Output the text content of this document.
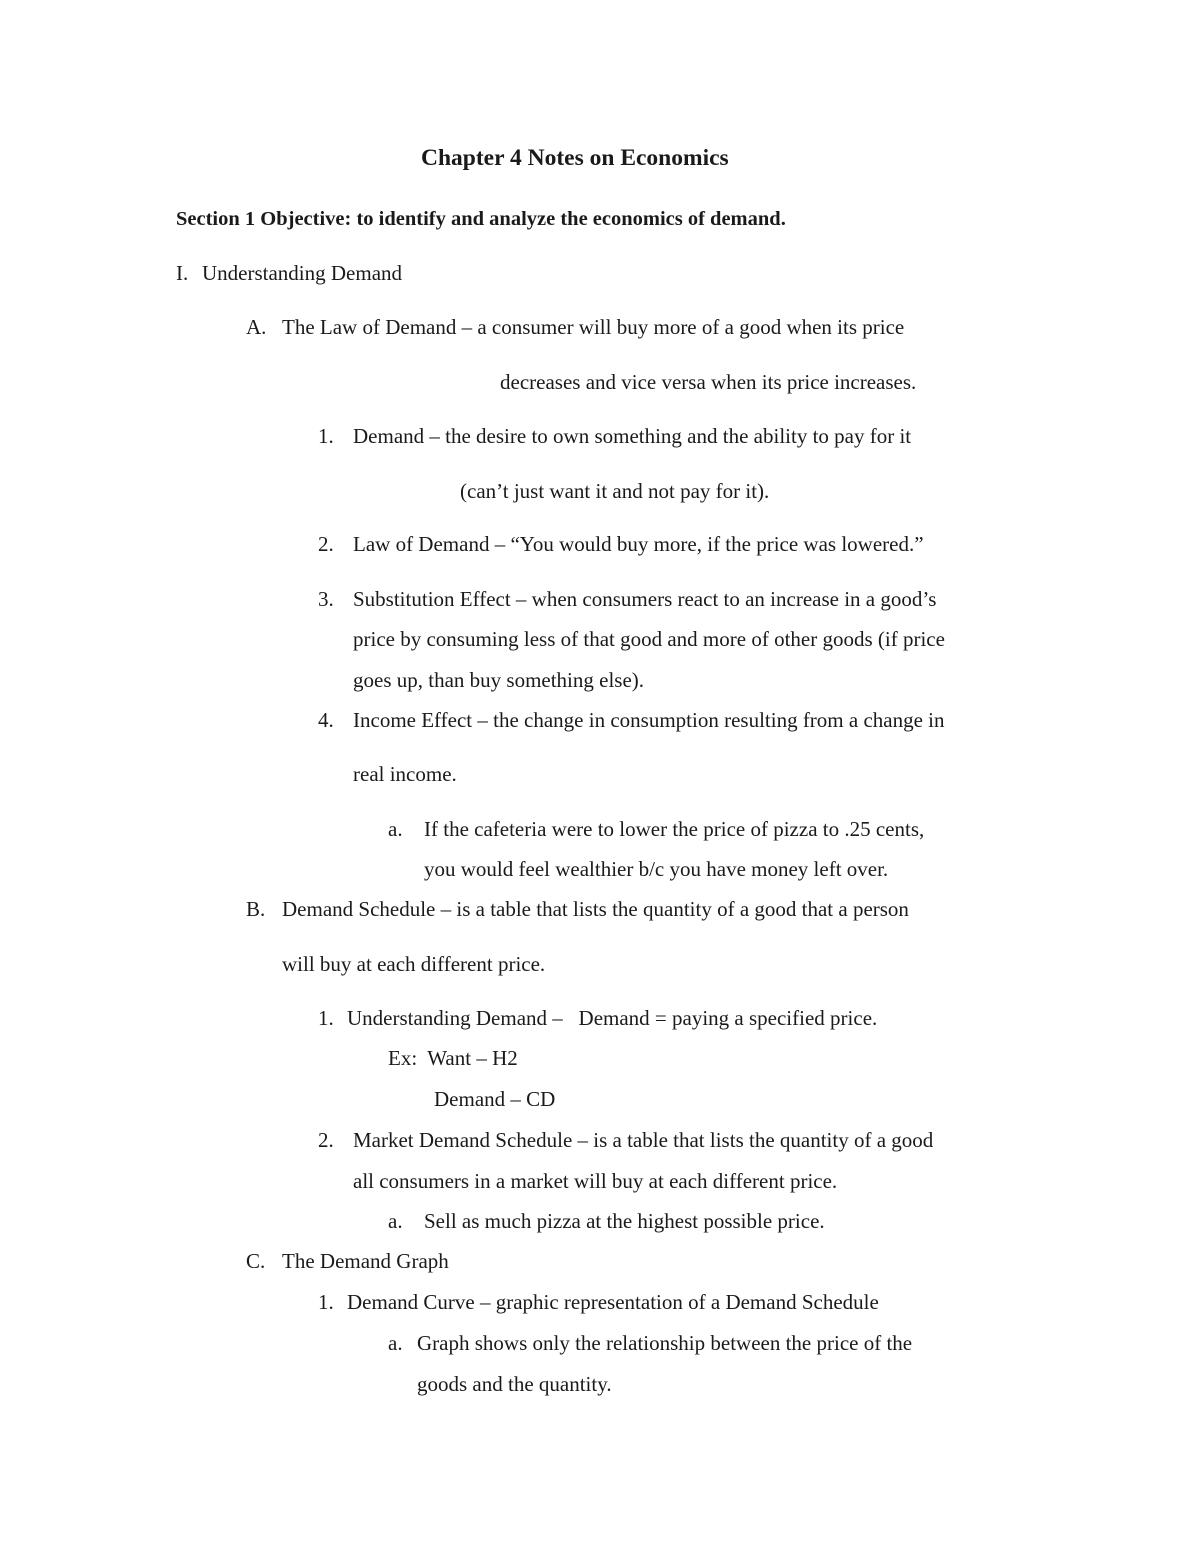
Chapter 4 Notes on Economics
Section 1 Objective: to identify and analyze the economics of demand.
I. Understanding Demand
A. The Law of Demand – a consumer will buy more of a good when its price
decreases and vice versa when its price increases.
1. Demand – the desire to own something and the ability to pay for it
(can’t just want it and not pay for it).
2. Law of Demand – “You would buy more, if the price was lowered.”
3. Substitution Effect – when consumers react to an increase in a good’s
price by consuming less of that good and more of other goods (if price
goes up, than buy something else).
4. Income Effect – the change in consumption resulting from a change in
real income.
a. If the cafeteria were to lower the price of pizza to .25 cents,
you would feel wealthier b/c you have money left over.
B. Demand Schedule – is a table that lists the quantity of a good that a person
will buy at each different price.
1. Understanding Demand –   Demand = paying a specified price.
Ex:  Want – H2
Demand – CD
2. Market Demand Schedule – is a table that lists the quantity of a good
all consumers in a market will buy at each different price.
a. Sell as much pizza at the highest possible price.
C. The Demand Graph
1. Demand Curve – graphic representation of a Demand Schedule
a. Graph shows only the relationship between the price of the
goods and the quantity.
